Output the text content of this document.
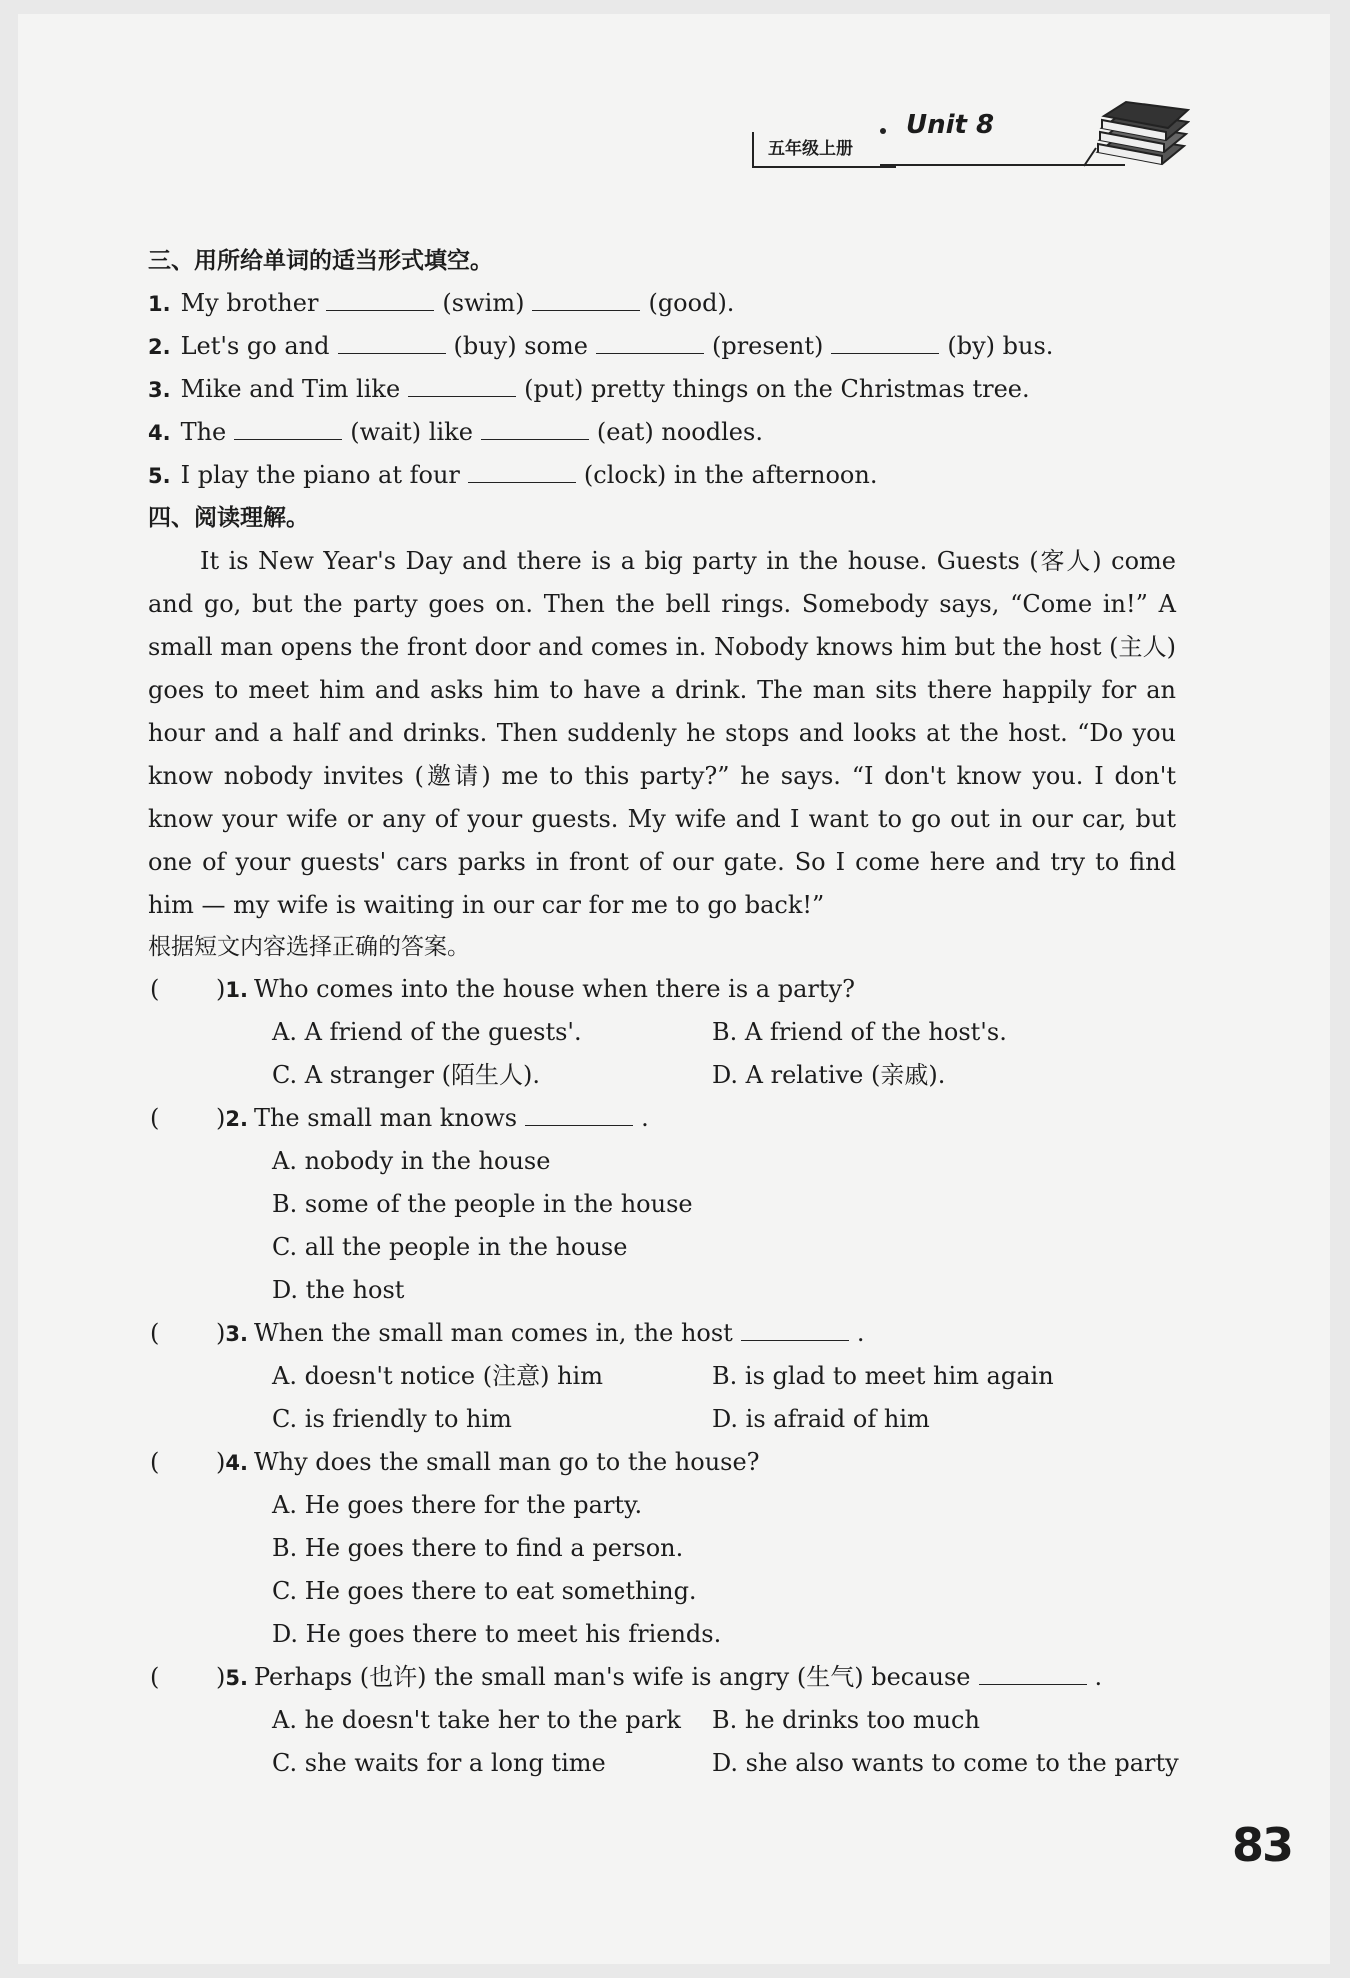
五年级上册
Unit 8
三、用所给单词的适当形式填空。
1. My brother	(swim)	(good).
2. Let's go and	(buy) some	(present)	(by) bus.
3. Mike and Tim like	(put) pretty things on the Christmas tree.
4. The	(wait) like	(eat) noodles.
5. I play the piano at four	(clock) in the afternoon.
四、阅读理解。
It is New Year's Day and there is a big party in the house. Guests (客人) come and go, but the party goes on. Then the bell rings. Somebody says, “Come in!” A small man opens the front door and comes in. Nobody knows him but the host (主人) goes to meet him and asks him to have a drink. The man sits there happily for an hour and a half and drinks. Then suddenly he stops and looks at the host. “Do you know nobody invites (邀请) me to this party?” he says. “I don't know you. I don't know your wife or any of your guests. My wife and I want to go out in our car, but one of your guests' cars parks in front of our gate. So I come here and try to find him — my wife is waiting in our car for me to go back!”
根据短文内容选择正确的答案。
( )1. Who comes into the house when there is a party?
A. A friend of the guests'.	B. A friend of the host's.
C. A stranger (陌生人).	D. A relative (亲戚).
( )2. The small man knows	.
A. nobody in the house
B. some of the people in the house
C. all the people in the house
D. the host
( )3. When the small man comes in, the host	.
A. doesn't notice (注意) him	B. is glad to meet him again
C. is friendly to him	D. is afraid of him
( )4. Why does the small man go to the house?
A. He goes there for the party.
B. He goes there to find a person.
C. He goes there to eat something.
D. He goes there to meet his friends.
( )5. Perhaps (也许) the small man's wife is angry (生气) because	.
A. he doesn't take her to the park B. he drinks too much
C. she waits for a long time	D. she also wants to come to the party
83
